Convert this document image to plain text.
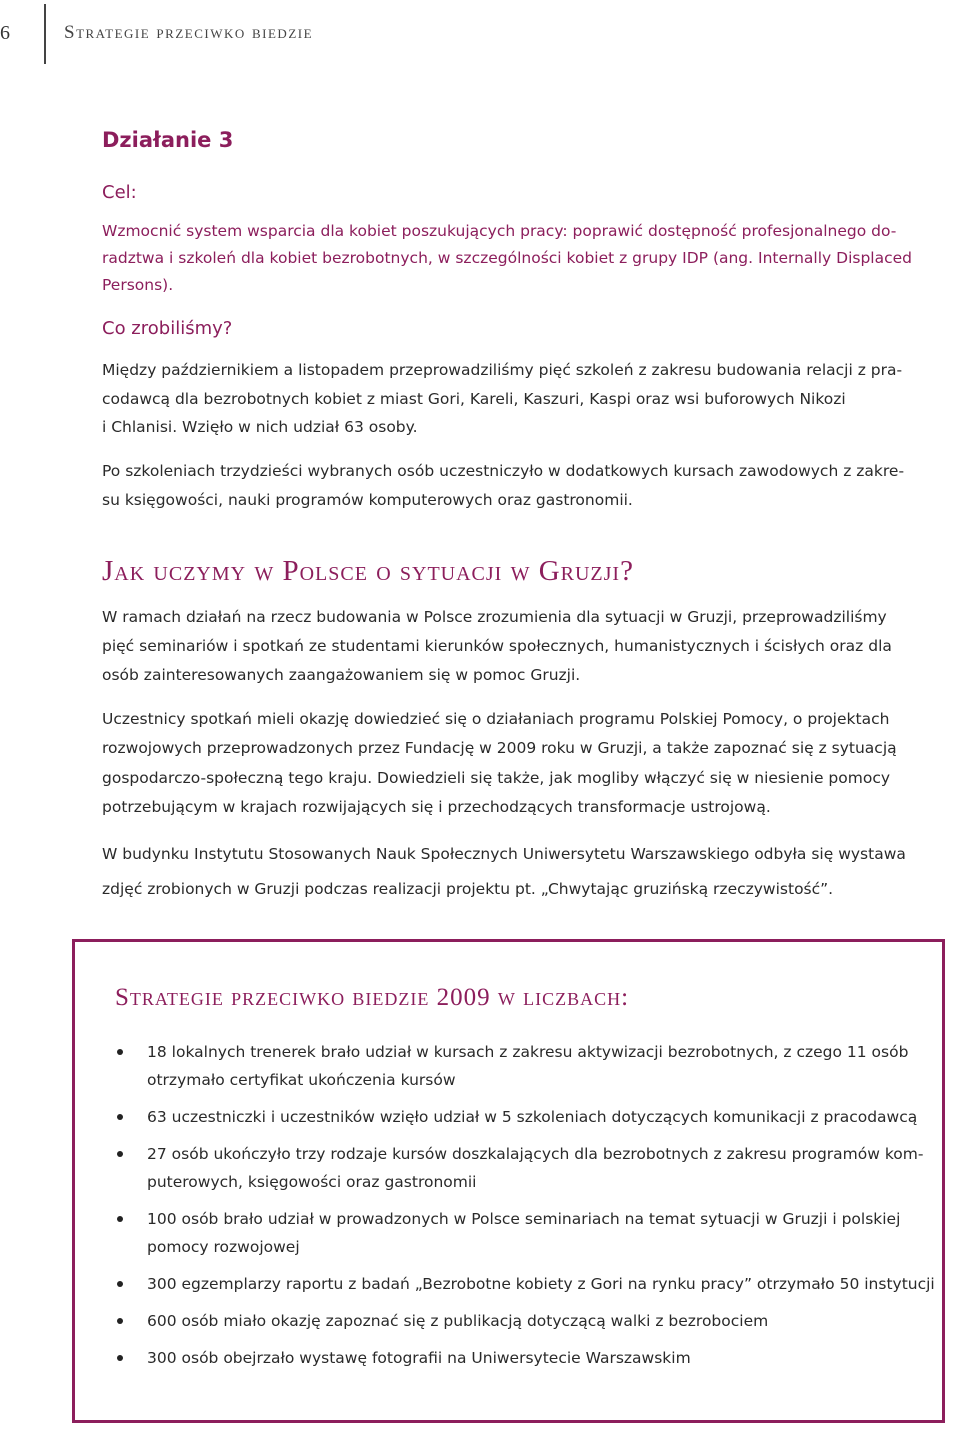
6	Strategie przeciwko biedzie
Działanie 3
Cel:
Wzmocnić system wsparcia dla kobiet poszukujących pracy: poprawić dostępność profesjonalnego do-
radztwa i szkoleń dla kobiet bezrobotnych, w szczególności kobiet z grupy IDP (ang. Internally Displaced
Persons).
Co zrobiliśmy?
Między październikiem a listopadem przeprowadziliśmy pięć szkoleń z zakresu budowania relacji z pra-
codawcą dla bezrobotnych kobiet z miast Gori, Kareli, Kaszuri, Kaspi oraz wsi buforowych Nikozi
i Chlanisi. Wzięło w nich udział 63 osoby.
Po szkoleniach trzydzieści wybranych osób uczestniczyło w dodatkowych kursach zawodowych z zakre-
su księgowości, nauki programów komputerowych oraz gastronomii.
Jak uczymy w Polsce o sytuacji w Gruzji?
W ramach działań na rzecz budowania w Polsce zrozumienia dla sytuacji w Gruzji, przeprowadziliśmy
pięć seminariów i spotkań ze studentami kierunków społecznych, humanistycznych i ścisłych oraz dla
osób zainteresowanych zaangażowaniem się w pomoc Gruzji.
Uczestnicy spotkań mieli okazję dowiedzieć się o działaniach programu Polskiej Pomocy, o projektach
rozwojowych przeprowadzonych przez Fundację w 2009 roku w Gruzji, a także zapoznać się z sytuacją
gospodarczo-społeczną tego kraju. Dowiedzieli się także, jak mogliby włączyć się w niesienie pomocy
potrzebującym w krajach rozwijających się i przechodzących transformacje ustrojową.
W budynku Instytutu Stosowanych Nauk Społecznych Uniwersytetu Warszawskiego odbyła się wystawa
zdjęć zrobionych w Gruzji podczas realizacji projektu pt. „Chwytając gruzińską rzeczywistość”.
Strategie przeciwko biedzie 2009 w liczbach:
18 lokalnych trenerek brało udział w kursach z zakresu aktywizacji bezrobotnych, z czego 11 osób
otrzymało certyfikat ukończenia kursów
63 uczestniczki i uczestników wzięło udział w 5 szkoleniach dotyczących komunikacji z pracodawcą
27 osób ukończyło trzy rodzaje kursów doszkalających dla bezrobotnych z zakresu programów kom-
puterowych, księgowości oraz gastronomii
100 osób brało udział w prowadzonych w Polsce seminariach na temat sytuacji w Gruzji i polskiej
pomocy rozwojowej
300 egzemplarzy raportu z badań „Bezrobotne kobiety z Gori na rynku pracy” otrzymało 50 instytucji
600 osób miało okazję zapoznać się z publikacją dotyczącą walki z bezrobociem
300 osób obejrzało wystawę fotografii na Uniwersytecie Warszawskim
